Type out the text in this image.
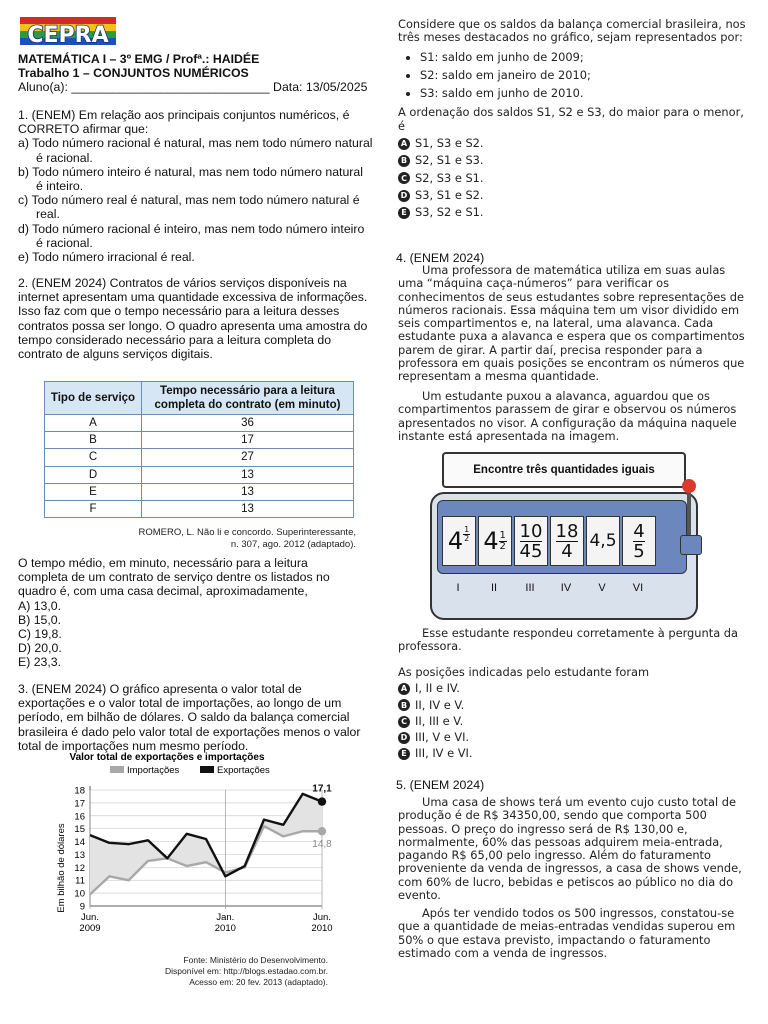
CEPRA

MATEMÁTICA I – 3º EMG / Profª.: HAIDÉE

Trabalho 1 – CONJUNTOS NUMÉRICOS

Aluno(a): _____________________________ Data: 13/05/2025

1. (ENEM) Em relação aos principais conjuntos numéricos, é CORRETO afirmar que:

a) Todo número racional é natural, mas nem todo número natural é racional.

b) Todo número inteiro é natural, mas nem todo número natural é inteiro.

c) Todo número real é natural, mas nem todo número natural é real.

d) Todo número racional é inteiro, mas nem todo número inteiro é racional.

e) Todo número irracional é real.

2. (ENEM 2024) Contratos de vários serviços disponíveis na internet apresentam uma quantidade excessiva de informações. Isso faz com que o tempo necessário para a leitura desses contratos possa ser longo. O quadro apresenta uma amostra do tempo considerado necessário para a leitura completa do contrato de alguns serviços digitais.

Tipo de serviço	Tempo necessário para a leitura completa do contrato (em minuto)
A	36
B	17
C	27
D	13
E	13
F	13
ROMERO, L. Não li e concordo. Superinteressante,
n. 307, ago. 2012 (adaptado).

O tempo médio, em minuto, necessário para a leitura completa de um contrato de serviço dentre os listados no quadro é, com uma casa decimal, aproximadamente,

A) 13,0.

B) 15,0.

C) 19,8.

D) 20,0.

E) 23,3.

3. (ENEM 2024) O gráfico apresenta o valor total de exportações e o valor total de importações, ao longo de um período, em bilhão de dólares. O saldo da balança comercial brasileira é dado pelo valor total de exportações menos o valor total de importações num mesmo período.

Valor total de exportações e importações
Importações	Exportações
Em bilhão de dólares 9
10
11
12
13
14
15
16
17
18
Jun.
2009
Jan.
2010
Jun.
2010
17,1
14,8
Fonte: Ministério do Desenvolvimento.
Disponível em: http://blogs.estadao.com.br.
Acesso em: 20 fev. 2013 (adaptado).

Considere que os saldos da balança comercial brasileira, nos três meses destacados no gráfico, sejam representados por:

• S1: saldo em junho de 2009;
• S2: saldo em janeiro de 2010;
• S3: saldo em junho de 2010.

A ordenação dos saldos S1, S2 e S3, do maior para o menor, é

A S1, S3 e S2.
B S2, S1 e S3.
C S2, S3 e S1.
D S3, S1 e S2.
E S3, S2 e S1.
4. (ENEM 2024)
Uma professora de matemática utiliza em suas aulas uma “máquina caça-números” para verificar os conhecimentos de seus estudantes sobre representações de números racionais. Essa máquina tem um visor dividido em seis compartimentos e, na lateral, uma alavanca. Cada estudante puxa a alavanca e espera que os compartimentos parem de girar. A partir daí, precisa responder para a professora em quais posições se encontram os números que representam a mesma quantidade.
Um estudante puxou a alavanca, aguardou que os compartimentos parassem de girar e observou os números apresentados no visor. A configuração da máquina naquele instante está apresentada na imagem.
Encontre três quantidades iguais
4 1
2 4 1
$2 \frac{10}{45} \frac{18}{4} 4,5 \frac{4}{5}$
I	II	III	IV	V	VI
Esse estudante respondeu corretamente à pergunta da professora.

As posições indicadas pelo estudante foram

A I, II e IV.
B II, IV e V.
C II, III e V.
D III, V e VI.
E III, IV e VI.
5. (ENEM 2024)
Uma casa de shows terá um evento cujo custo total de produção é de R$ 34350,00, sendo que comporta 500 pessoas. O preço do ingresso será de R$ 130,00 e, normalmente, 60% das pessoas adquirem meia-entrada, pagando R$ 65,00 pelo ingresso. Além do faturamento proveniente da venda de ingressos, a casa de shows vende, com 60% de lucro, bebidas e petiscos ao público no dia do evento.
Após ter vendido todos os 500 ingressos, constatou-se que a quantidade de meias-entradas vendidas superou em 50% o que estava previsto, impactando o faturamento estimado com a venda de ingressos.
